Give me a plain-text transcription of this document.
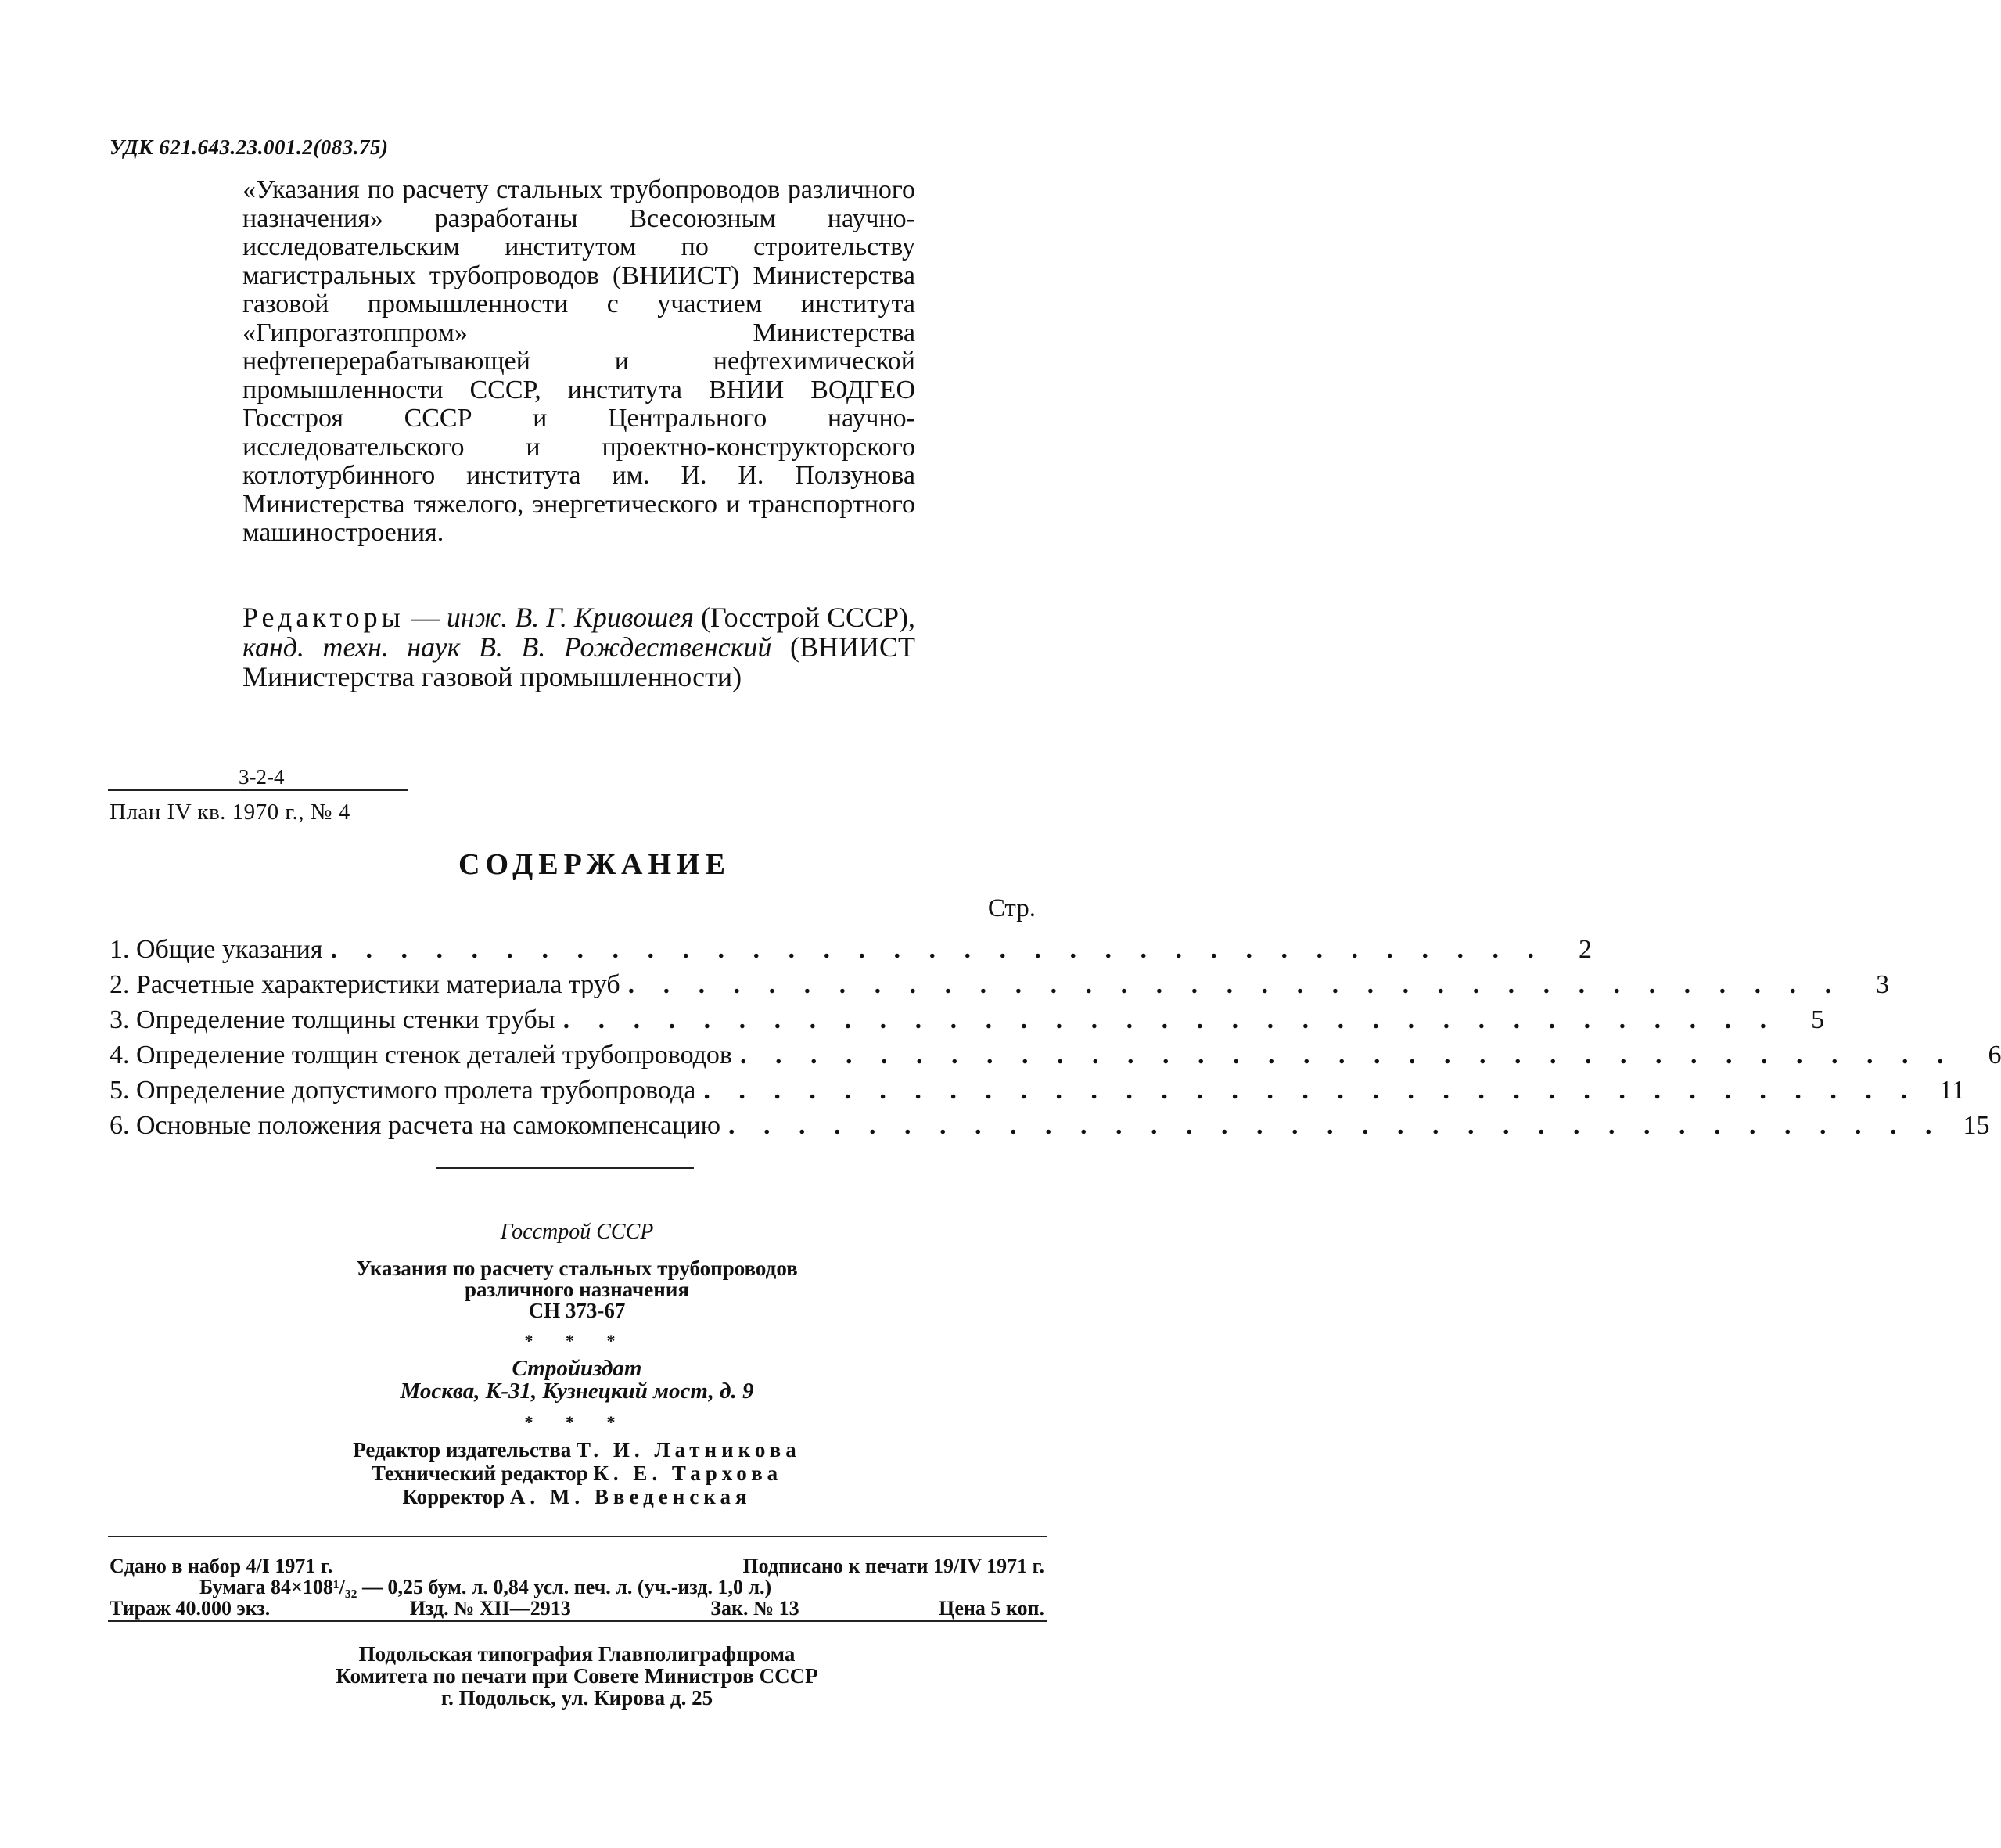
УДК 621.643.23.001.2(083.75)
«Указания по расчету стальных трубопроводов различного назначения» разработаны Всесоюзным научно-исследовательским институтом по строительству магистральных трубопроводов (ВНИИСТ) Министерства газовой промышленности с участием института «Гипрогазтоппром» Министерства нефтеперерабатывающей и нефтехимической промышленности СССР, института ВНИИ ВОДГЕО Госстроя СССР и Центрального научно-исследовательского и проектно-конструкторского котлотурбинного института им. И. И. Ползунова Министерства тяжелого, энергетического и транспортного машиностроения.
Редакторы — инж. В. Г. Кривошея (Госстрой СССР), канд. техн. наук В. В. Рождественский (ВНИИСТ Министерства газовой промышленности)
3-2-4
План IV кв. 1970 г., № 4
СОДЕРЖАНИЕ
Стр.
1. Общие указания . . . . . . . . . . . . . . . . . . . . . . . . . . . . . . . . . . .	2
2. Расчетные характеристики материала труб . . . . . . . . . . . . . . . . . . . . . . . . . . . . . . . . . . .	3
3. Определение толщины стенки трубы . . . . . . . . . . . . . . . . . . . . . . . . . . . . . . . . . . .	5
4. Определение толщин стенок деталей трубопроводов . . . . . . . . . . . . . . . . . . . . . . . . . . . . . . . . . . .	6
5. Определение допустимого пролета трубопровода . . . . . . . . . . . . . . . . . . . . . . . . . . . . . . . . . . . 11
6. Основные положения расчета на самокомпенсацию . . . . . . . . . . . . . . . . . . . . . . . . . . . . . . . . . . . 15
Госстрой СССР
Указания по расчету стальных трубопроводов
различного назначения
СН 373-67
* * *
Стройиздат
Москва, К-31, Кузнецкий мост, д. 9
* * *
Редактор издательства Т. И. Латникова
Технический редактор К. Е. Тархова
Корректор А. М. Введенская
Сдано в набор 4/I 1971 г.	Подписано к печати 19/IV 1971 г.
Бумага 84×108¹/₃₂ — 0,25 бум. л. 0,84 усл. печ. л. (уч.-изд. 1,0 л.)
Тираж 40.000 экз.	Изд. № XII—2913	Зак. № 13	Цена 5 коп.
Подольская типография Главполиграфпрома
Комитета по печати при Совете Министров СССР
г. Подольск, ул. Кирова д. 25
